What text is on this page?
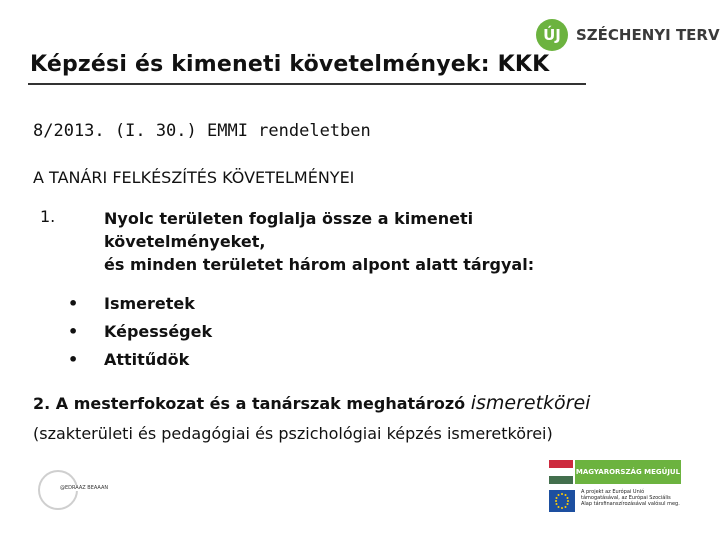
Képzési és kimeneti követelmények: KKK
ÚJ	SZÉCHENYI TERV
8/2013. (I. 30.) EMMI rendeletben
A TANÁRI FELKÉSZÍTÉS KÖVETELMÉNYEI
1.	Nyolc területen foglalja össze a kimeneti
követelményeket,
és minden területet három alpont alatt tárgyal:
• Ismeretek
• Képességek
• Attitűdök
2. A mesterfokozat és a tanárszak meghatározó ismeretkörei
(szakterületi és pedagógiai és pszichológiai képzés ismeretkörei)
@EDRAAZ BEAAAN
MAGYARORSZÁG MEGÚJUL
A projekt az Európai Unió támogatásával, az Európai Szociális Alap társfinanszírozásával valósul meg.
